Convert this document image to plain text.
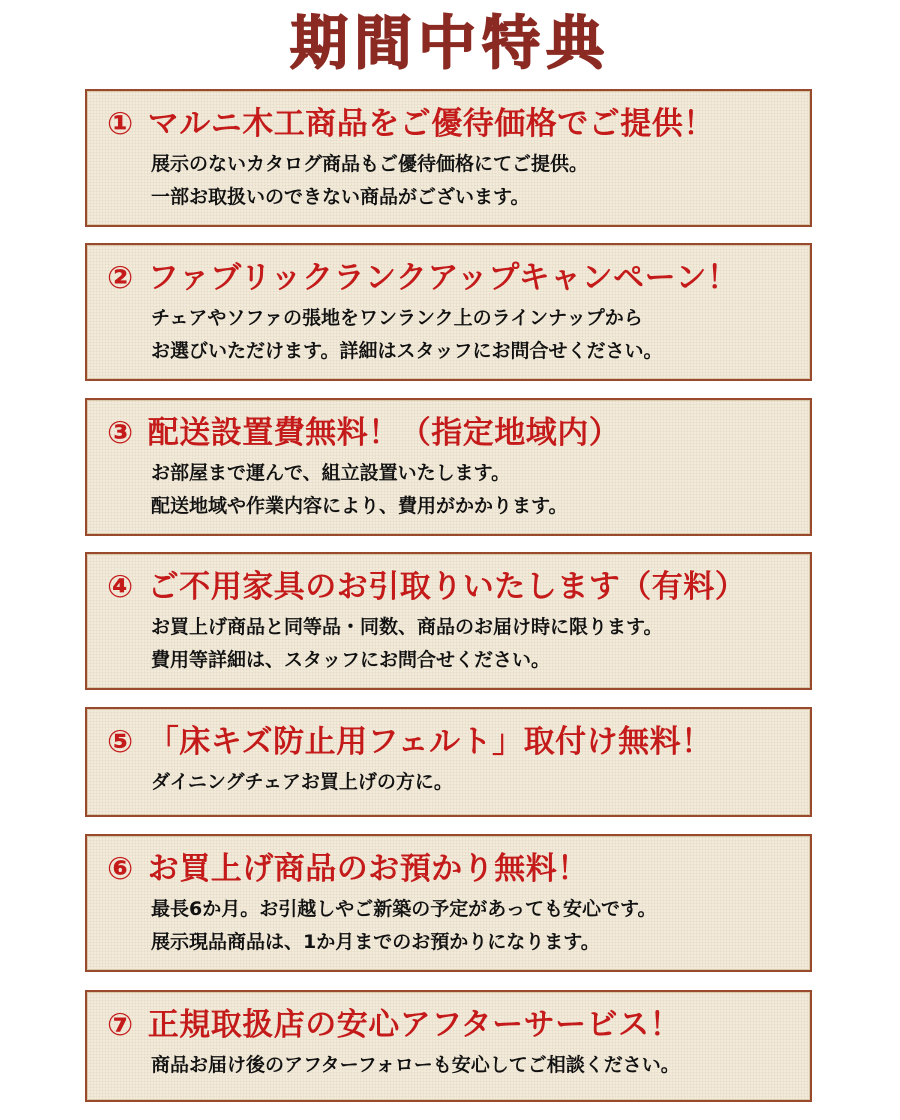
期間中特典
① マルニ木工商品をご優待価格でご提供！
展示のないカタログ商品もご優待価格にてご提供。
一部お取扱いのできない商品がございます。
② ファブリックランクアップキャンペーン！
チェアやソファの張地をワンランク上のラインナップから
お選びいただけます。詳細はスタッフにお問合せください。
③ 配送設置費無料！（指定地域内）
お部屋まで運んで、組立設置いたします。
配送地域や作業内容により、費用がかかります。
④ ご不用家具のお引取りいたします（有料）
お買上げ商品と同等品・同数、商品のお届け時に限ります。
費用等詳細は、スタッフにお問合せください。
⑤ 「床キズ防止用フェルト」取付け無料！
ダイニングチェアお買上げの方に。
⑥ お買上げ商品のお預かり無料！
最長6か月。お引越しやご新築の予定があっても安心です。
展示現品商品は、1か月までのお預かりになります。
⑦ 正規取扱店の安心アフターサービス！
商品お届け後のアフターフォローも安心してご相談ください。
